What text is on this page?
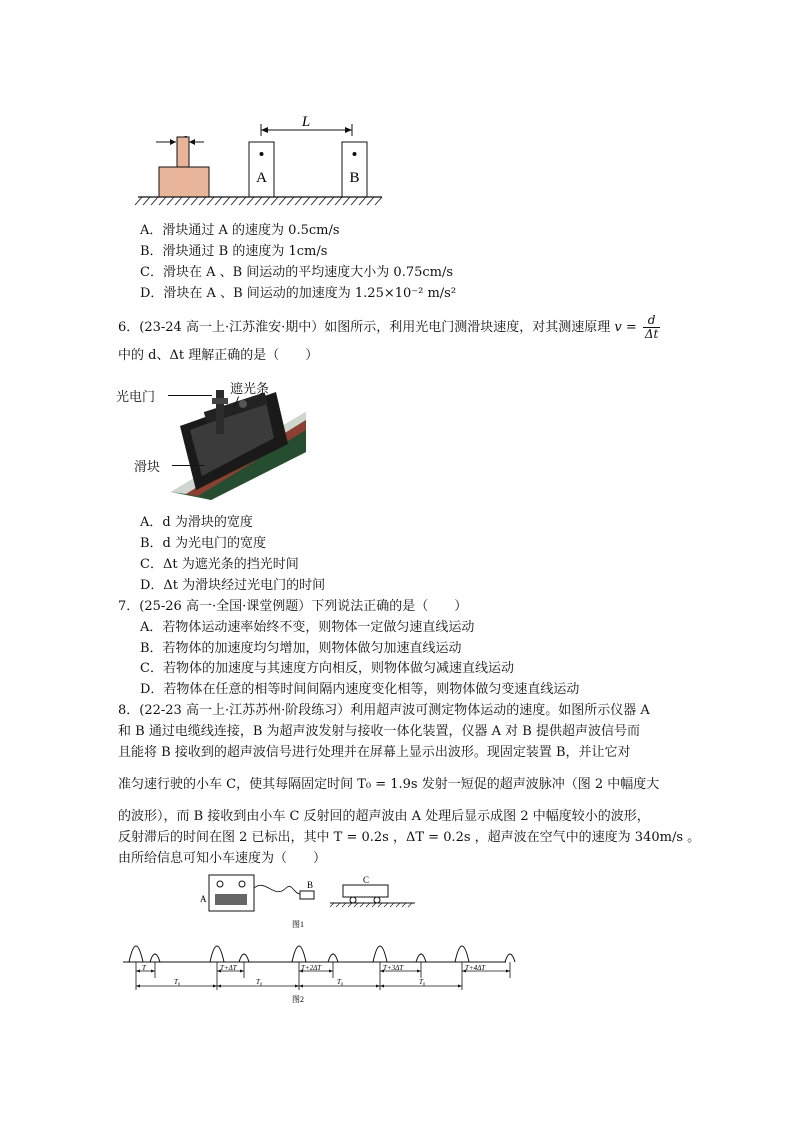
L
A	B
A．滑块通过 A 的速度为 0.5cm/s
B．滑块通过 B 的速度为 1cm/s
C．滑块在 A 、B 间运动的平均速度大小为 0.75cm/s
D．滑块在 A 、B 间运动的加速度为 1.25×10⁻² m/s²
6．(23-24 高一上·江苏淮安·期中）如图所示，利用光电门测滑块速度，对其测速原理 $v = \frac{d}{\Delta t}$
中的 d、Δt 理解正确的是（　　）
光电门
遮光条
滑块
A．d 为滑块的宽度
B．d 为光电门的宽度
C．Δt 为遮光条的挡光时间
D．Δt 为滑块经过光电门的时间
7．(25-26 高一·全国·课堂例题）下列说法正确的是（　　）
A．若物体运动速率始终不变，则物体一定做匀速直线运动
B．若物体的加速度均匀增加，则物体做匀加速直线运动
C．若物体的加速度与其速度方向相反，则物体做匀减速直线运动
D．若物体在任意的相等时间间隔内速度变化相等，则物体做匀变速直线运动
8．(22-23 高一上·江苏苏州·阶段练习）利用超声波可测定物体运动的速度。如图所示仪器 A
和 B 通过电缆线连接，B 为超声波发射与接收一体化装置，仪器 A 对 B 提供超声波信号而
且能将 B 接收到的超声波信号进行处理并在屏幕上显示出波形。现固定装置 B，并让它对
准匀速行驶的小车 C，使其每隔固定时间 T₀ = 1.9s 发射一短促的超声波脉冲（图 2 中幅度大
的波形），而 B 接收到由小车 C 反射回的超声波由 A 处理后显示成图 2 中幅度较小的波形，
反射滞后的时间在图 2 已标出，其中 T = 0.2s ，ΔT = 0.2s ，超声波在空气中的速度为 340m/s 。
由所给信息可知小车速度为（　　）
A
B	C
图1
T	T+ΔT	T+2ΔT	T+3ΔT	T+4ΔT
T₀	T₀	T₀	T₀
图2
